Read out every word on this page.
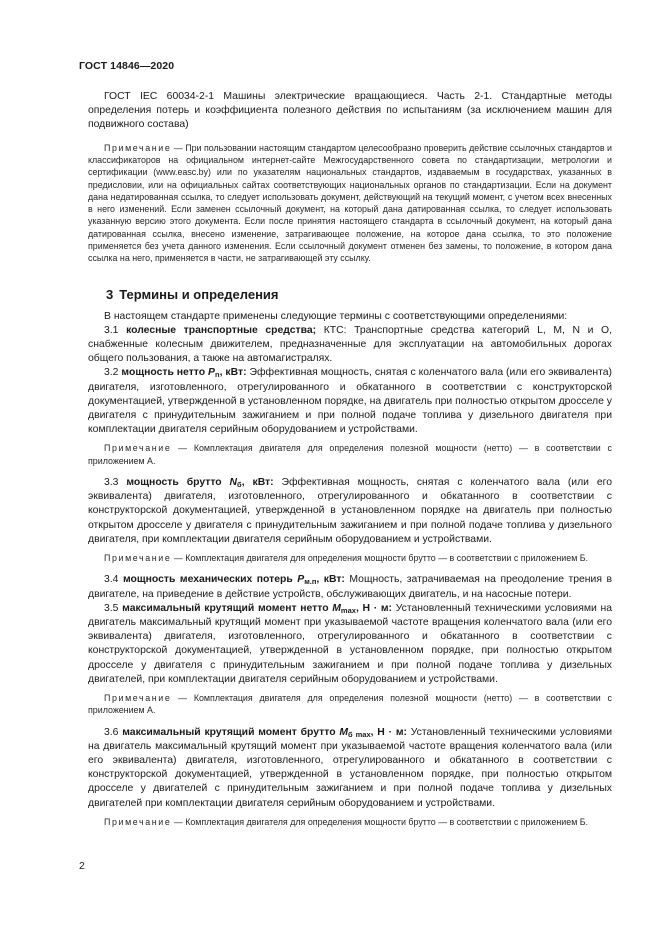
ГОСТ 14846—2020

ГОСТ IEC 60034-2-1 Машины электрические вращающиеся. Часть 2-1. Стандартные методы определения потерь и коэффициента полезного действия по испытаниям (за исключением машин для подвижного состава)

Примечание — При пользовании настоящим стандартом целесообразно проверить действие ссылочных стандартов и классификаторов на официальном интернет-сайте Межгосударственного совета по стандартизации, метрологии и сертификации (www.easc.by) или по указателям национальных стандартов, издаваемым в государствах, указанных в предисловии, или на официальных сайтах соответствующих национальных органов по стандартизации. Если на документ дана недатированная ссылка, то следует использовать документ, действующий на текущий момент, с учетом всех внесенных в него изменений. Если заменен ссылочный документ, на который дана датированная ссылка, то следует использовать указанную версию этого документа. Если после принятия настоящего стандарта в ссылочный документ, на который дана датированная ссылка, внесено изменение, затрагивающее положение, на которое дана ссылка, то это положение применяется без учета данного изменения. Если ссылочный документ отменен без замены, то положение, в котором дана ссылка на него, применяется в части, не затрагивающей эту ссылку.

3 Термины и определения

В настоящем стандарте применены следующие термины с соответствующими определениями:

3.1 колесные транспортные средства; КТС: Транспортные средства категорий L, M, N и O, снабженные колесным движителем, предназначенные для эксплуатации на автомобильных дорогах общего пользования, а также на автомагистралях.

3.2 мощность нетто $P_n$, кВт: Эффективная мощность, снятая с коленчатого вала (или его эквивалента) двигателя, изготовленного, отрегулированного и обкатанного в соответствии с конструкторской документацией, утвержденной в установленном порядке, на двигатель при полностью открытом дросселе у двигателя с принудительным зажиганием и при полной подаче топлива у дизельного двигателя при комплектации двигателя серийным оборудованием и устройствами.

Примечание — Комплектация двигателя для определения полезной мощности (нетто) — в соответствии с приложением А.

3.3 мощность брутто $N_б$, кВт: Эффективная мощность, снятая с коленчатого вала (или его эквивалента) двигателя, изготовленного, отрегулированного и обкатанного в соответствии с конструкторской документацией, утвержденной в установленном порядке на двигатель при полностью открытом дросселе у двигателя с принудительным зажиганием и при полной подаче топлива у дизельного двигателя, при комплектации двигателя серийным оборудованием и устройствами.

Примечание — Комплектация двигателя для определения мощности брутто — в соответствии с приложением Б.

3.4 мощность механических потерь $P_{м.п}$, кВт: Мощность, затрачиваемая на преодоление трения в двигателе, на приведение в действие устройств, обслуживающих двигатель, и на насосные потери.

3.5 максимальный крутящий момент нетто $M_{max}$, Н · м: Установленный техническими условиями на двигатель максимальный крутящий момент при указываемой частоте вращения коленчатого вала (или его эквивалента) двигателя, изготовленного, отрегулированного и обкатанного в соответствии с конструкторской документацией, утвержденной в установленном порядке, при полностью открытом дросселе у двигателя с принудительным зажиганием и при полной подаче топлива у дизельных двигателей, при комплектации двигателя серийным оборудованием и устройствами.

Примечание — Комплектация двигателя для определения полезной мощности (нетто) — в соответствии с приложением А.

3.6 максимальный крутящий момент брутто $M_{б max}$, Н · м: Установленный техническими условиями на двигатель максимальный крутящий момент при указываемой частоте вращения коленчатого вала (или его эквивалента) двигателя, изготовленного, отрегулированного и обкатанного в соответствии с конструкторской документацией, утвержденной в установленном порядке, при полностью открытом дросселе у двигателей с принудительным зажиганием и при полной подаче топлива у дизельных двигателей при комплектации двигателя серийным оборудованием и устройствами.

Примечание — Комплектация двигателя для определения мощности брутто — в соответствии с приложением Б.

2
